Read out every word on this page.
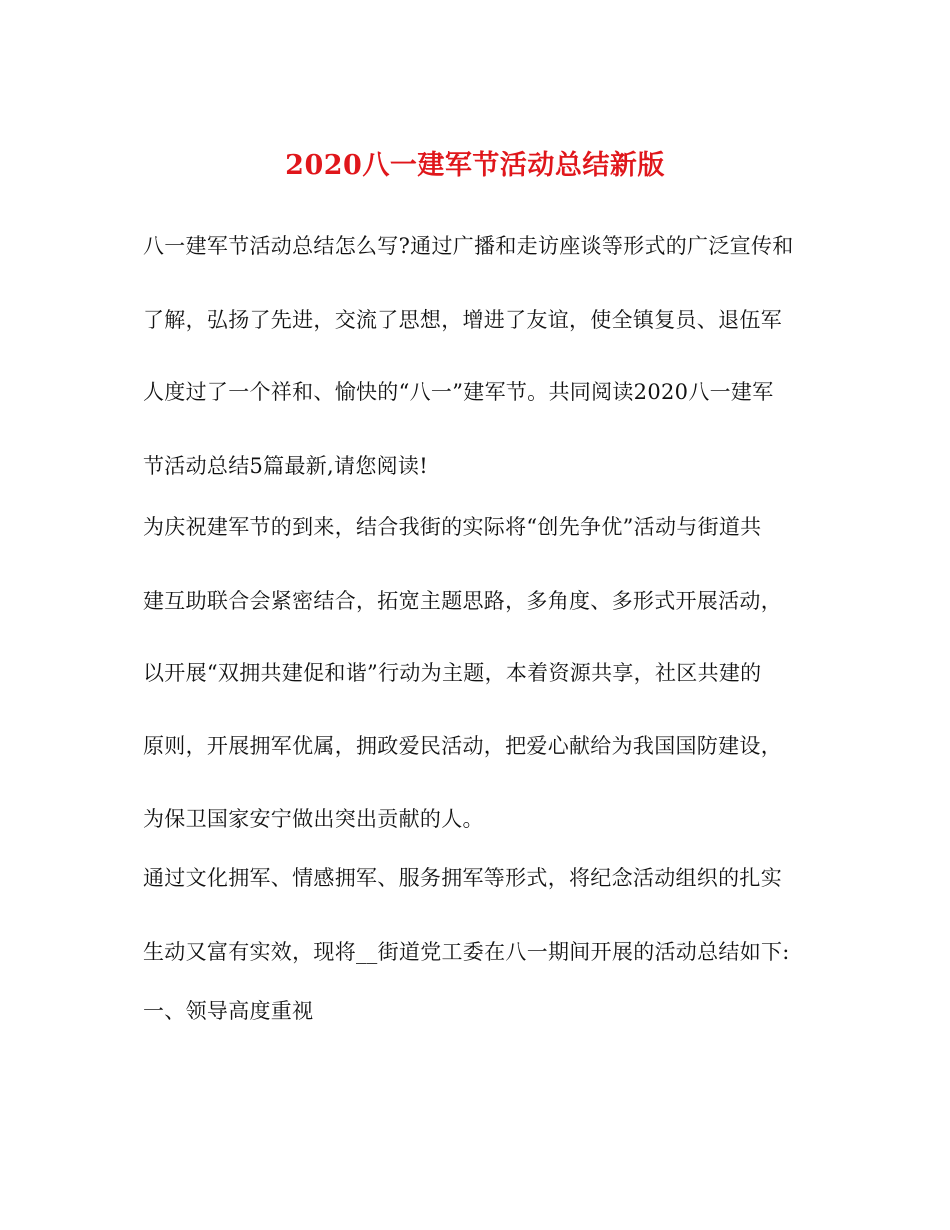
2020八一建军节活动总结新版
八一建军节活动总结怎么写?通过广播和走访座谈等形式的广泛宣传和
了解，弘扬了先进，交流了思想，增进了友谊，使全镇复员、退伍军
人度过了一个祥和、愉快的“八一”建军节。共同阅读2020八一建军
节活动总结5篇最新,请您阅读!
为庆祝建军节的到来，结合我街的实际将“创先争优”活动与街道共
建互助联合会紧密结合，拓宽主题思路，多角度、多形式开展活动，
以开展“双拥共建促和谐”行动为主题，本着资源共享，社区共建的
原则，开展拥军优属，拥政爱民活动，把爱心献给为我国国防建设，
为保卫国家安宁做出突出贡献的人。
通过文化拥军、情感拥军、服务拥军等形式，将纪念活动组织的扎实
生动又富有实效，现将__街道党工委在八一期间开展的活动总结如下:
一、领导高度重视
